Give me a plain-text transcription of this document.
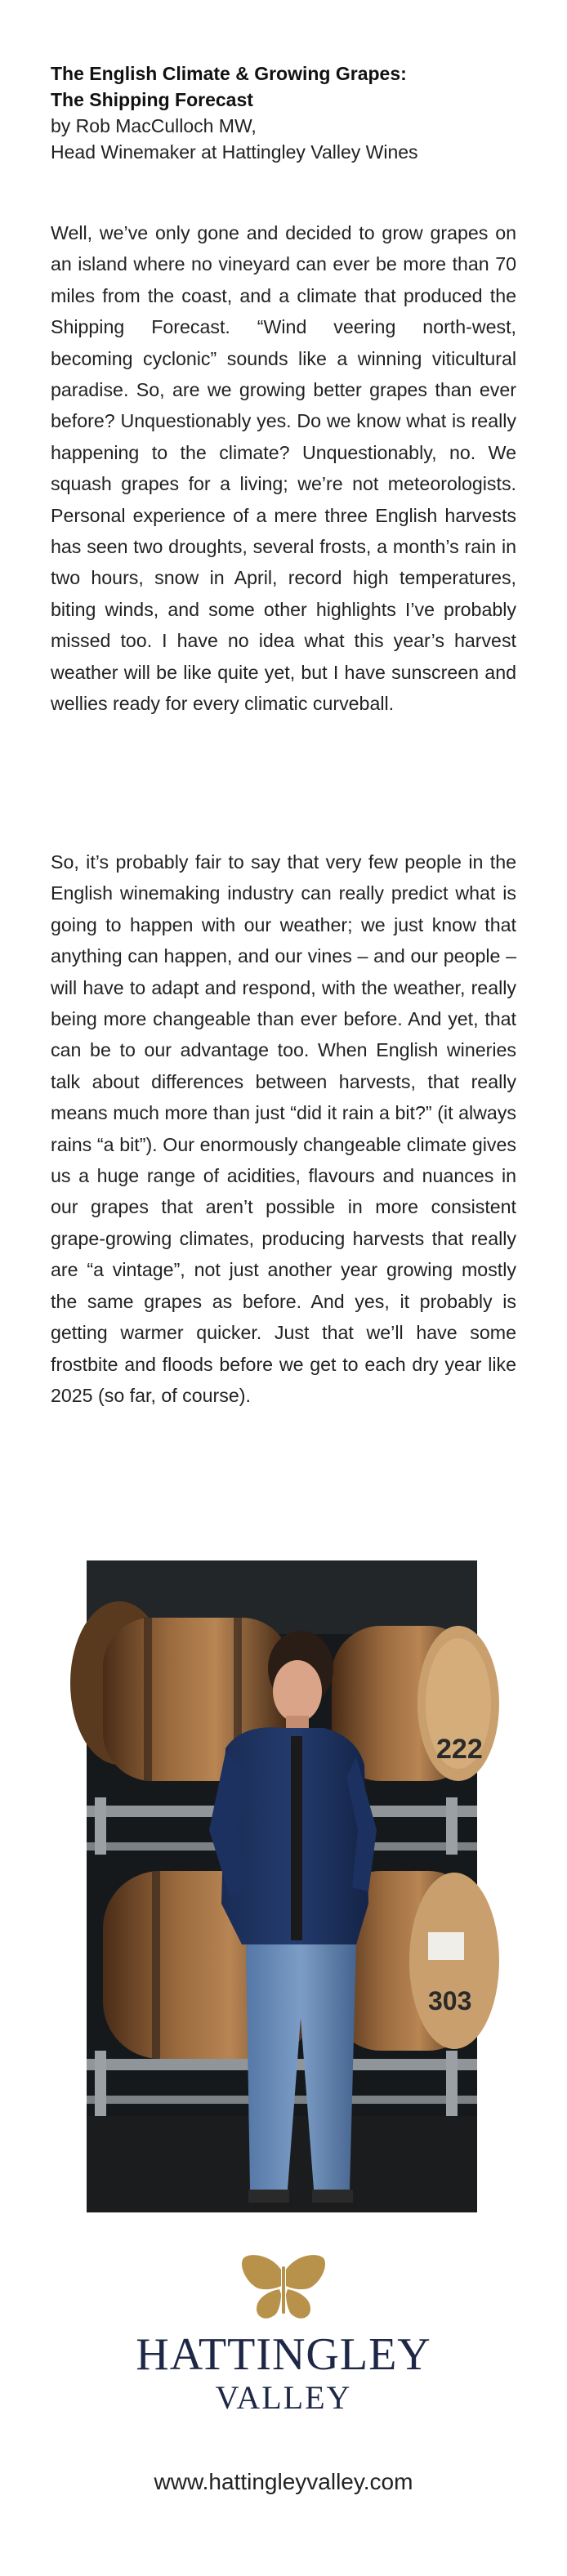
The English Climate & Growing Grapes:
The Shipping Forecast

by Rob MacCulloch MW,
Head Winemaker at Hattingley Valley Wines

Well, we’ve only gone and decided to grow grapes on an island where no vineyard can ever be more than 70 miles from the coast, and a climate that produced the Shipping Forecast. “Wind veering north-west, becoming cyclonic” sounds like a winning viticultural paradise. So, are we growing better grapes than ever before? Unquestionably yes. Do we know what is really happening to the climate? Unquestionably, no. We squash grapes for a living; we’re not meteorologists. Personal experience of a mere three English harvests has seen two droughts, several frosts, a month’s rain in two hours, snow in April, record high temperatures, biting winds, and some other highlights I’ve probably missed too. I have no idea what this year’s harvest weather will be like quite yet, but I have sunscreen and wellies ready for every climatic curveball.

So, it’s probably fair to say that very few people in the English winemaking industry can really predict what is going to happen with our weather; we just know that anything can happen, and our vines – and our people – will have to adapt and respond, with the weather, really being more changeable than ever before. And yet, that can be to our advantage too. When English wineries talk about differences between harvests, that really means much more than just “did it rain a bit?” (it always rains “a bit”). Our enormously changeable climate gives us a huge range of acidities, flavours and nuances in our grapes that aren’t possible in more consistent grape-growing climates, producing harvests that really are “a vintage”, not just another year growing mostly the same grapes as before. And yes, it probably is getting warmer quicker. Just that we’ll have some frostbite and floods before we get to each dry year like 2025 (so far, of course).

222
303

HATTINGLEY

VALLEY

www.hattingleyvalley.com
